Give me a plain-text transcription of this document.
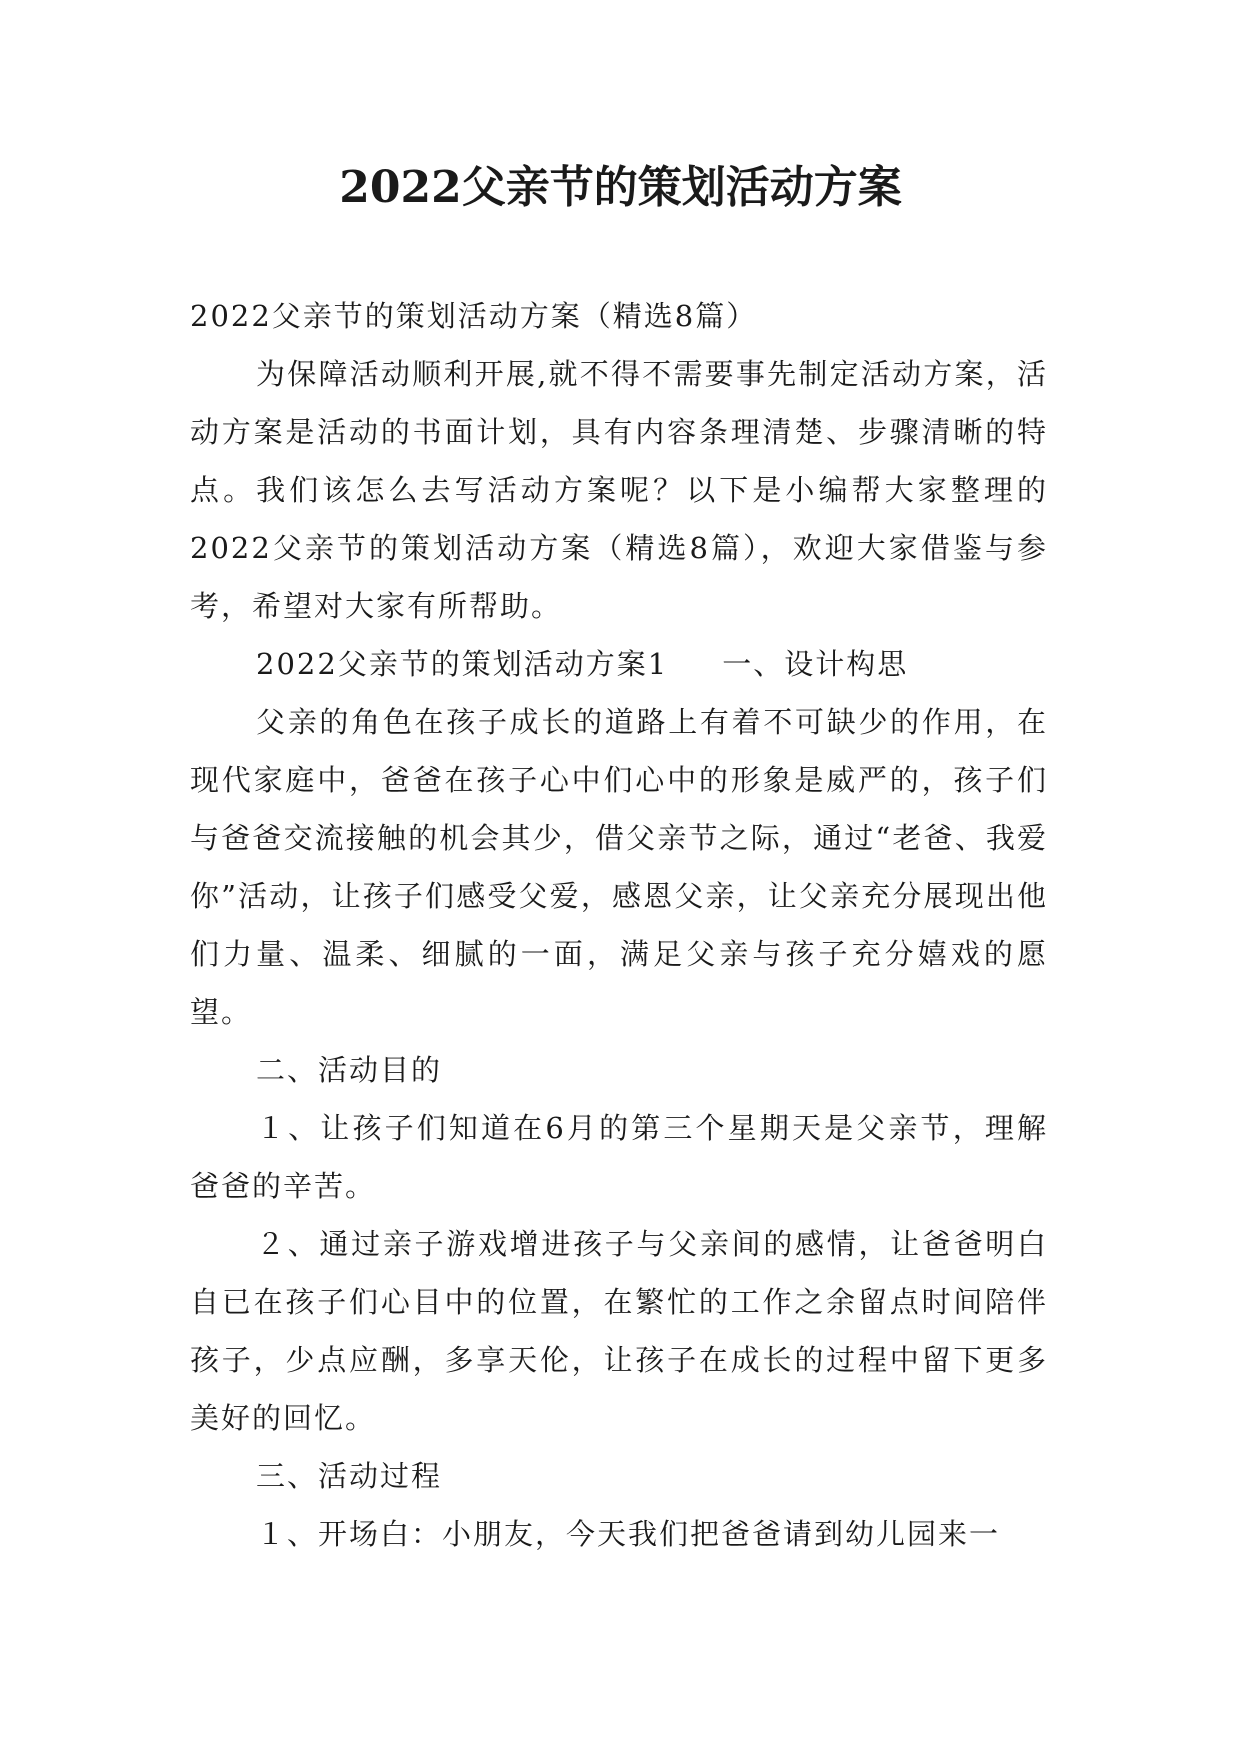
2022父亲节的策划活动方案

2022父亲节的策划活动方案（精选8篇）

为保障活动顺利开展,就不得不需要事先制定活动方案，活动方案是活动的书面计划，具有内容条理清楚、步骤清晰的特点。我们该怎么去写活动方案呢？以下是小编帮大家整理的2022父亲节的策划活动方案（精选8篇），欢迎大家借鉴与参考，希望对大家有所帮助。

2022父亲节的策划活动方案1 一、设计构思

父亲的角色在孩子成长的道路上有着不可缺少的作用，在现代家庭中，爸爸在孩子心中们心中的形象是威严的，孩子们与爸爸交流接触的机会其少，借父亲节之际，通过“老爸、我爱你”活动，让孩子们感受父爱，感恩父亲，让父亲充分展现出他们力量、温柔、细腻的一面，满足父亲与孩子充分嬉戏的愿望。

二、活动目的

１、让孩子们知道在6月的第三个星期天是父亲节，理解爸爸的辛苦。

２、通过亲子游戏增进孩子与父亲间的感情，让爸爸明白自已在孩子们心目中的位置，在繁忙的工作之余留点时间陪伴孩子，少点应酬，多享天伦，让孩子在成长的过程中留下更多美好的回忆。

三、活动过程

１、开场白：小朋友，今天我们把爸爸请到幼儿园来一
